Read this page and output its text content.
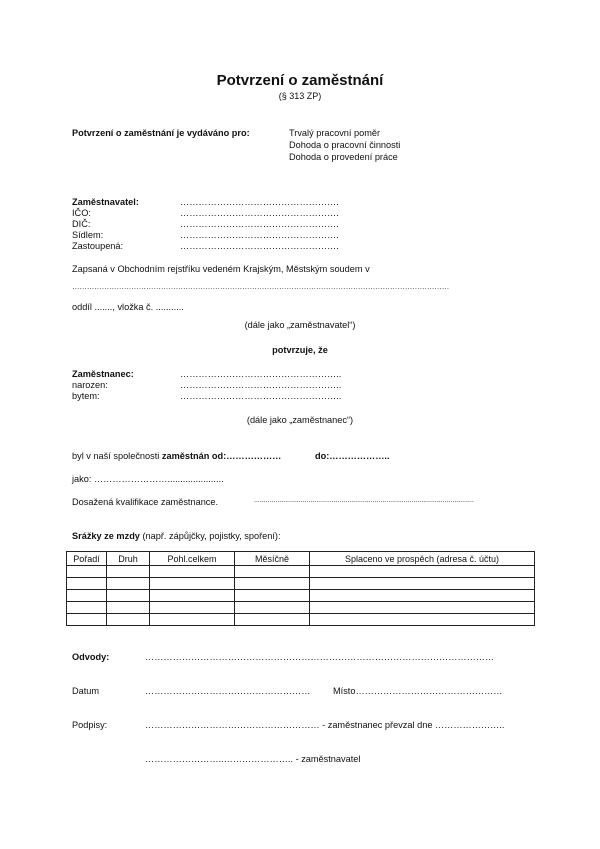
Potvrzení o zaměstnání
(§ 313 ZP)
Potvrzení o zaměstnání je vydáváno pro:	Trvalý pracovní poměr
Dohoda o pracovní činnosti
Dohoda o provedení práce
Zaměstnavatel:	…………………………………………….
IČO:	…………………………………………….
DIČ:	…………………………………………….
Sídlem:	…………………………………………….
Zastoupená:	…………………………………………….
Zapsaná v Obchodním rejstříku vedeném Krajským, Městským soudem v
………………………………………………………………………………………………………………………………………
oddíl ......., vložka č. ...........
(dále jako „zaměstnavatel“)
potvrzuje, že
Zaměstnanec:	……………………………………………..
narozen:	……………………………………………..
bytem:	……………………………………………..
(dále jako „zaměstnanec“)
byl v naší společnosti zaměstnán od:………………	do:………………..
jako: ……………………......................
Dosažená kvalifikace zaměstnance.	.................................................................................................................
Srážky ze mzdy (např. zápůjčky, pojistky, spoření):
Pořadí	Druh	Pohl.celkem	Měsíčně	Splaceno ve prospěch (adresa č. účtu)

Odvody:	……………………………………………………………………………………………………
Datum	……………………………………………… Místo…………………………………………
Podpisy:	………………………………………………… - zaměstnanec převzal dne …………………..
……………………..………………….. - zaměstnavatel
